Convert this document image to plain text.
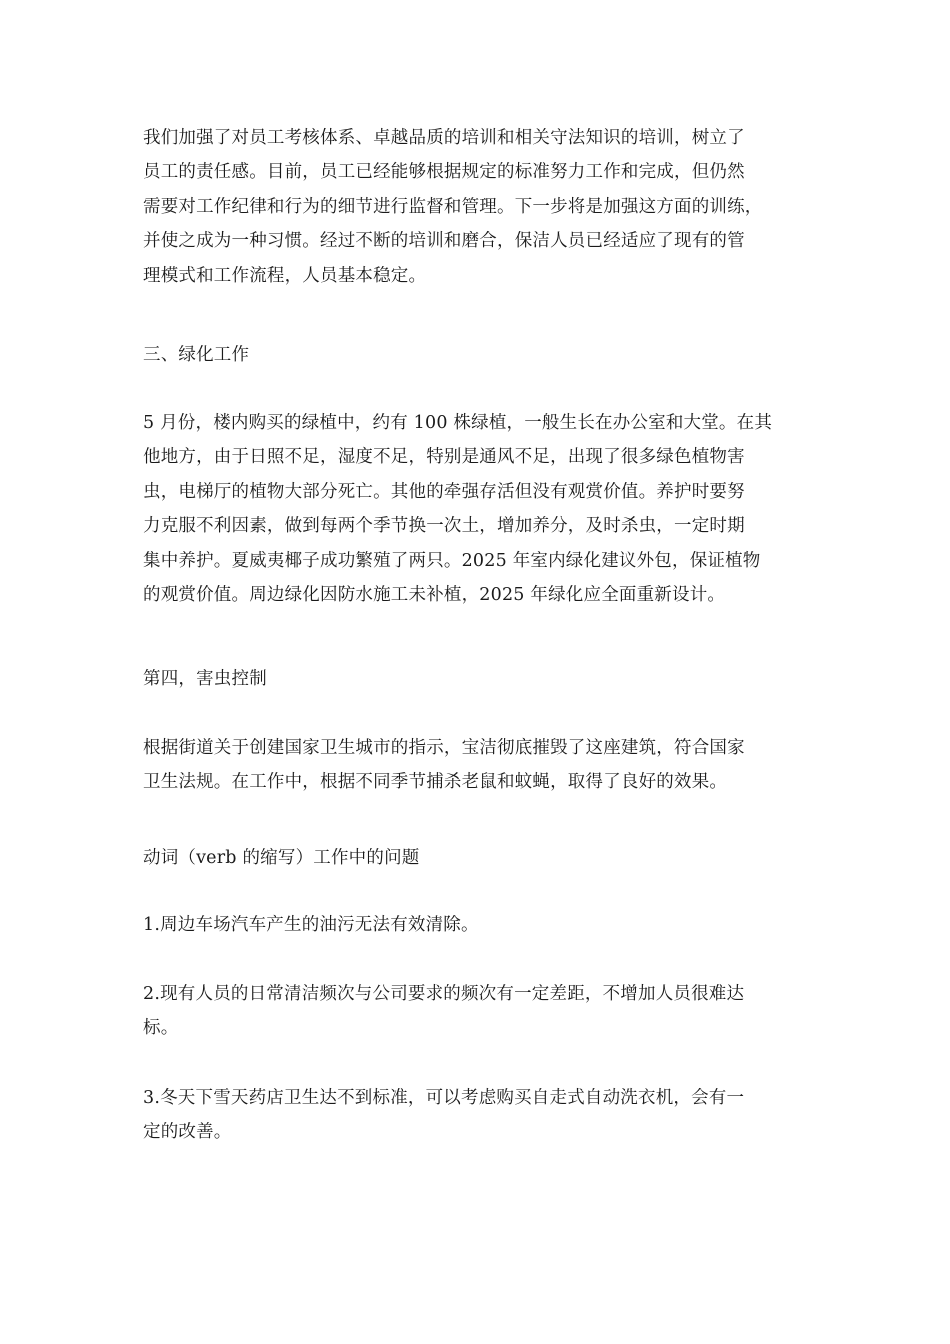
我们加强了对员工考核体系、卓越品质的培训和相关守法知识的培训，树立了
员工的责任感。目前，员工已经能够根据规定的标准努力工作和完成，但仍然
需要对工作纪律和行为的细节进行监督和管理。下一步将是加强这方面的训练，
并使之成为一种习惯。经过不断的培训和磨合，保洁人员已经适应了现有的管
理模式和工作流程，人员基本稳定。

三、绿化工作

5 月份，楼内购买的绿植中，约有 100 株绿植，一般生长在办公室和大堂。在其
他地方，由于日照不足，湿度不足，特别是通风不足，出现了很多绿色植物害
虫，电梯厅的植物大部分死亡。其他的牵强存活但没有观赏价值。养护时要努
力克服不利因素，做到每两个季节换一次土，增加养分，及时杀虫，一定时期
集中养护。夏威夷椰子成功繁殖了两只。2025 年室内绿化建议外包，保证植物
的观赏价值。周边绿化因防水施工未补植，2025 年绿化应全面重新设计。

第四，害虫控制

根据街道关于创建国家卫生城市的指示，宝洁彻底摧毁了这座建筑，符合国家
卫生法规。在工作中，根据不同季节捕杀老鼠和蚊蝇，取得了良好的效果。

动词（verb 的缩写）工作中的问题

1.周边车场汽车产生的油污无法有效清除。

2.现有人员的日常清洁频次与公司要求的频次有一定差距，不增加人员很难达
标。

3.冬天下雪天药店卫生达不到标准，可以考虑购买自走式自动洗衣机，会有一
定的改善。
